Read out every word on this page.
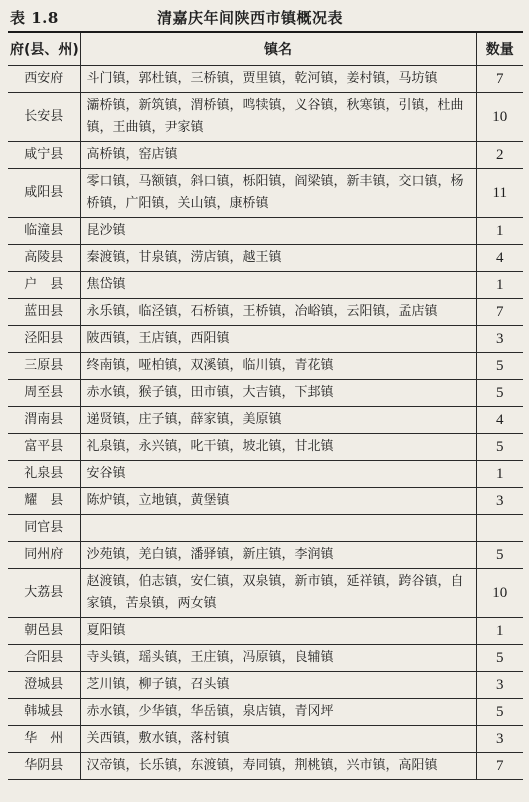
表 1.8	清嘉庆年间陕西市镇概况表
府(县、州)	镇名	数量
西安府	斗门镇，郭杜镇，三桥镇，贾里镇，乾河镇，姜村镇，马坊镇	7
长安县	灞桥镇，新筑镇，渭桥镇，鸣犊镇，义谷镇，秋寒镇，引镇，杜曲镇，王曲镇，尹家镇	10
咸宁县	高桥镇，窑店镇	2
咸阳县	零口镇，马额镇，斜口镇，栎阳镇，阎梁镇，新丰镇，交口镇，杨桥镇，广阳镇，关山镇，康桥镇	11
临潼县	昆沙镇	1
高陵县	秦渡镇，甘泉镇，涝店镇，越王镇	4
户　县	焦岱镇	1
蓝田县	永乐镇，临泾镇，石桥镇，王桥镇，冶峪镇，云阳镇，孟店镇	7
泾阳县	陂西镇，王店镇，西阳镇	3
三原县	终南镇，哑柏镇，双溪镇，临川镇，青花镇	5
周至县	赤水镇，猴子镇，田市镇，大吉镇，下邽镇	5
渭南县	递贤镇，庄子镇，薛家镇，美原镇	4
富平县	礼泉镇，永兴镇，叱干镇，坡北镇，甘北镇	5
礼泉县	安谷镇	1
耀　县	陈炉镇，立地镇，黄堡镇	3
同官县		
同州府	沙苑镇，羌白镇，潘驿镇，新庄镇，李润镇	5
大荔县	赵渡镇，伯志镇，安仁镇，双泉镇，新市镇，延祥镇，跨谷镇，自家镇，苦泉镇，两女镇	10
朝邑县	夏阳镇	1
合阳县	寺头镇，瑶头镇，王庄镇，冯原镇，良辅镇	5
澄城县	芝川镇，柳子镇，召头镇	3
韩城县	赤水镇，少华镇，华岳镇，泉店镇，青冈坪	5
华　州	关西镇，敷水镇，落村镇	3
华阴县	汉帝镇，长乐镇，东渡镇，寿同镇，荆桃镇，兴市镇，高阳镇	7
